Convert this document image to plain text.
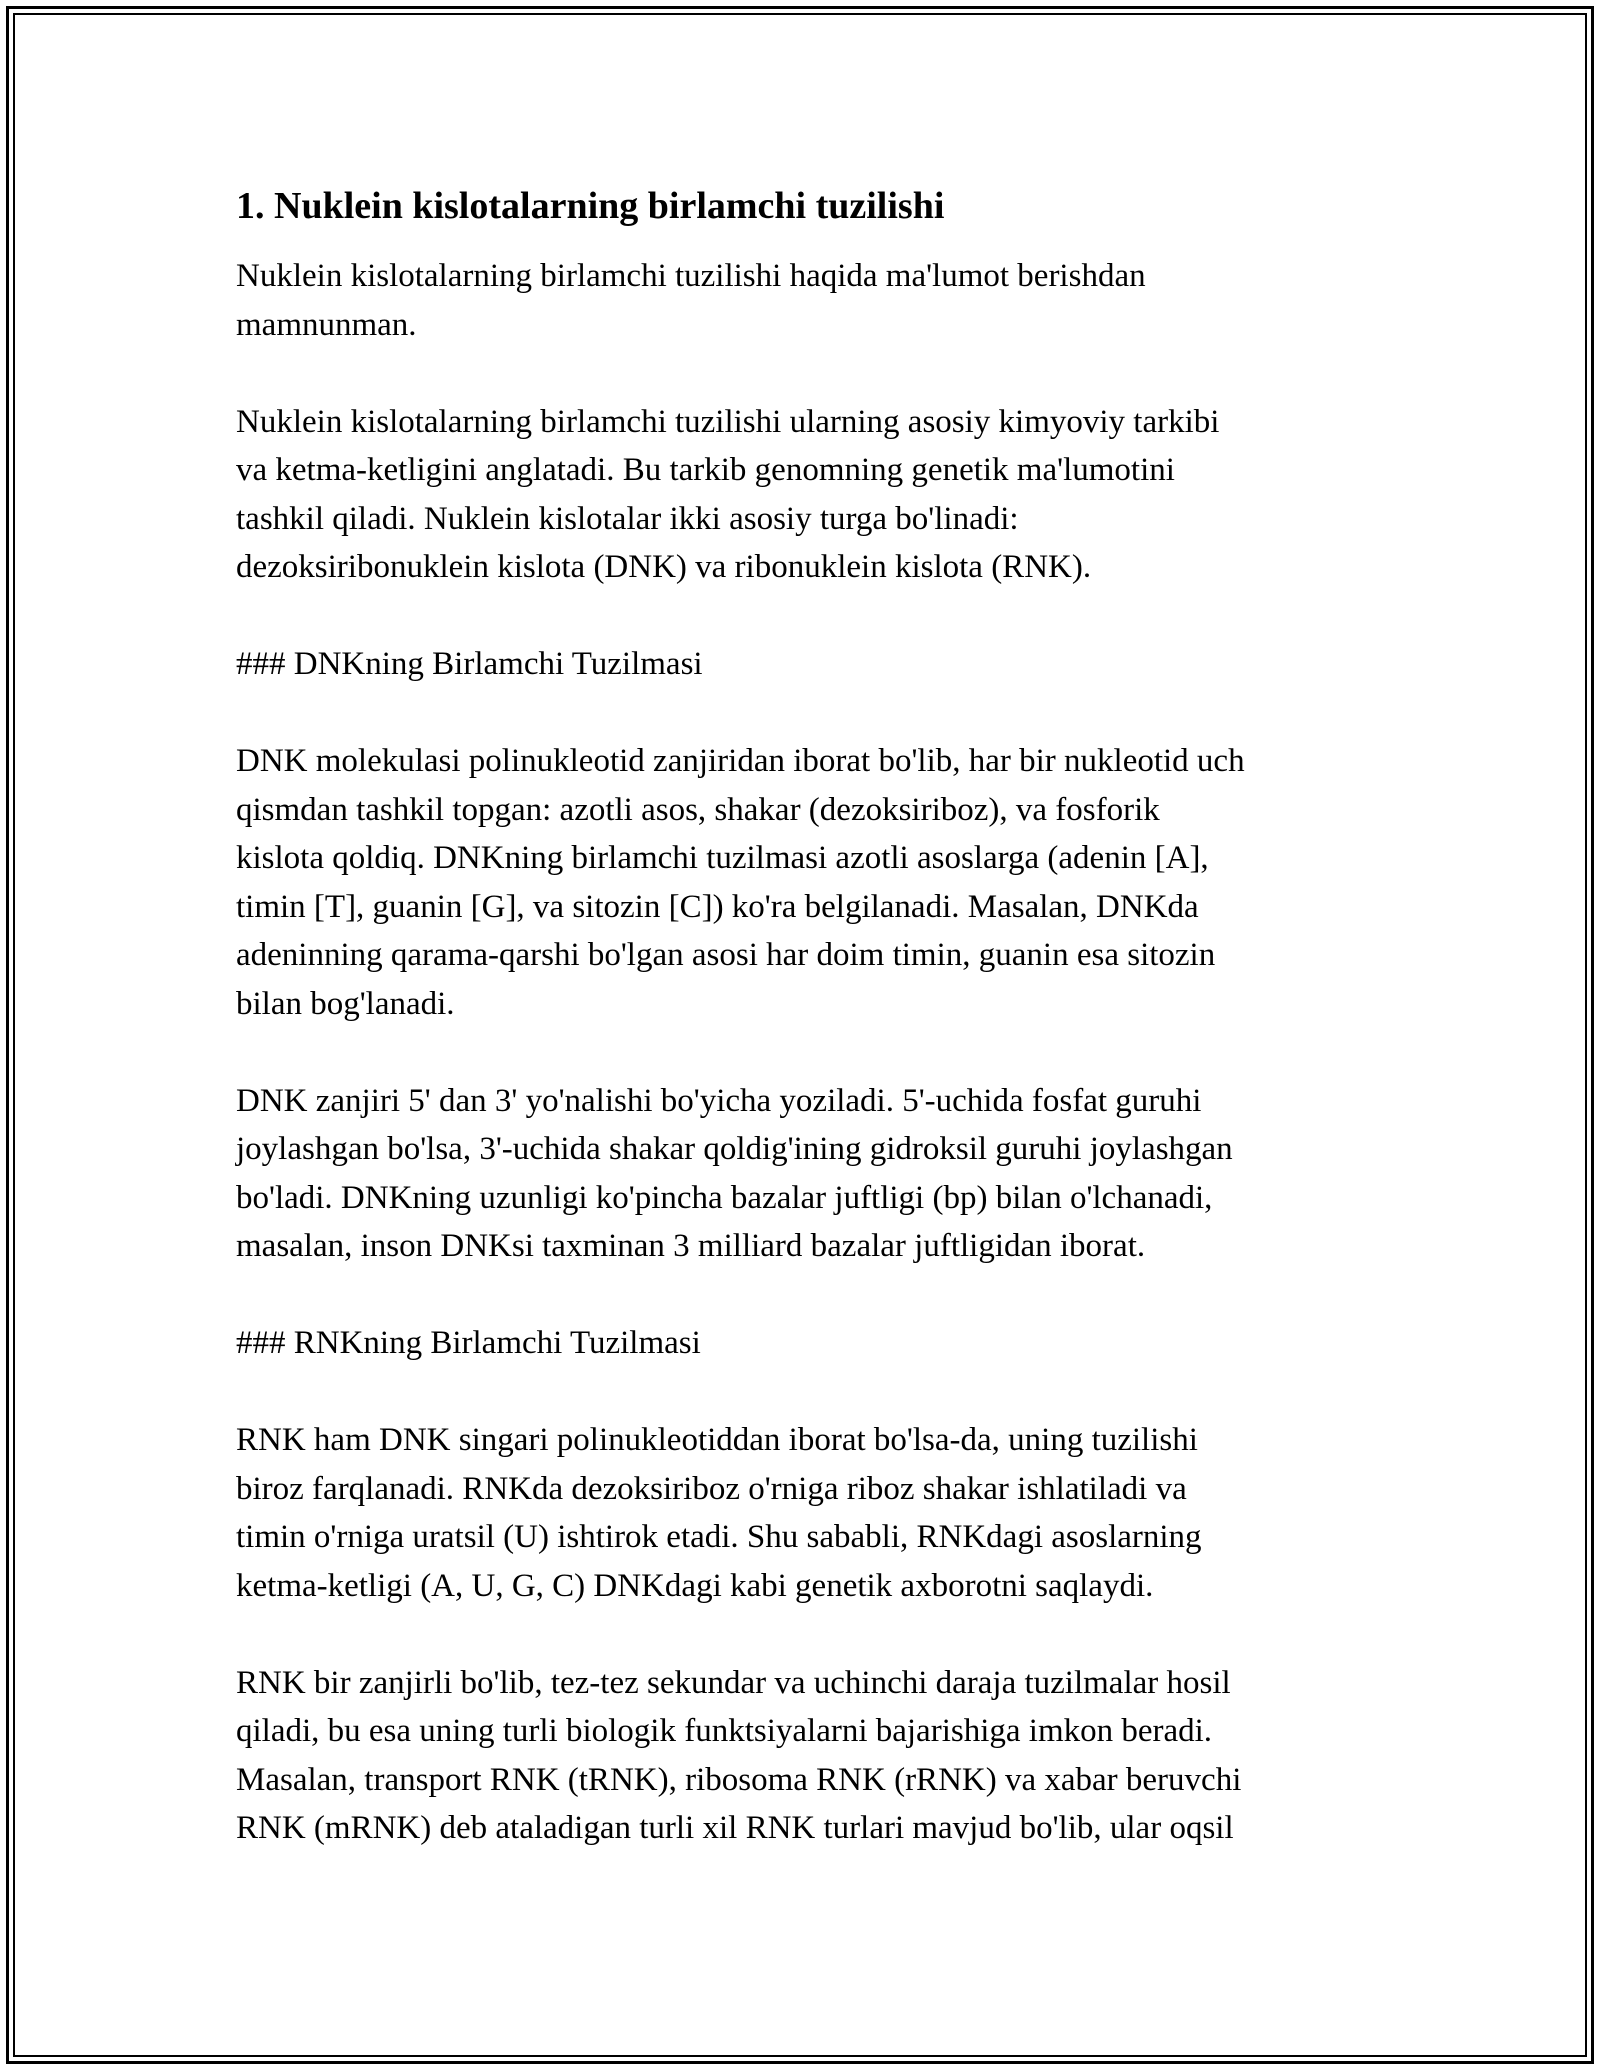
1. Nuklein kislotalarning birlamchi tuzilishi
Nuklein kislotalarning birlamchi tuzilishi haqida ma'lumot berishdan
mamnunman.
Nuklein kislotalarning birlamchi tuzilishi ularning asosiy kimyoviy tarkibi
va ketma-ketligini anglatadi. Bu tarkib genomning genetik ma'lumotini
tashkil qiladi. Nuklein kislotalar ikki asosiy turga bo'linadi:
dezoksiribonuklein kislota (DNK) va ribonuklein kislota (RNK).
### DNKning Birlamchi Tuzilmasi
DNK molekulasi polinukleotid zanjiridan iborat bo'lib, har bir nukleotid uch
qismdan tashkil topgan: azotli asos, shakar (dezoksiriboz), va fosforik
kislota qoldiq. DNKning birlamchi tuzilmasi azotli asoslarga (adenin [A],
timin [T], guanin [G], va sitozin [C]) ko'ra belgilanadi. Masalan, DNKda
adeninning qarama-qarshi bo'lgan asosi har doim timin, guanin esa sitozin
bilan bog'lanadi.
DNK zanjiri 5' dan 3' yo'nalishi bo'yicha yoziladi. 5'-uchida fosfat guruhi
joylashgan bo'lsa, 3'-uchida shakar qoldig'ining gidroksil guruhi joylashgan
bo'ladi. DNKning uzunligi ko'pincha bazalar juftligi (bp) bilan o'lchanadi,
masalan, inson DNKsi taxminan 3 milliard bazalar juftligidan iborat.
### RNKning Birlamchi Tuzilmasi
RNK ham DNK singari polinukleotiddan iborat bo'lsa-da, uning tuzilishi
biroz farqlanadi. RNKda dezoksiriboz o'rniga riboz shakar ishlatiladi va
timin o'rniga uratsil (U) ishtirok etadi. Shu sababli, RNKdagi asoslarning
ketma-ketligi (A, U, G, C) DNKdagi kabi genetik axborotni saqlaydi.
RNK bir zanjirli bo'lib, tez-tez sekundar va uchinchi daraja tuzilmalar hosil
qiladi, bu esa uning turli biologik funktsiyalarni bajarishiga imkon beradi.
Masalan, transport RNK (tRNK), ribosoma RNK (rRNK) va xabar beruvchi
RNK (mRNK) deb ataladigan turli xil RNK turlari mavjud bo'lib, ular oqsil
